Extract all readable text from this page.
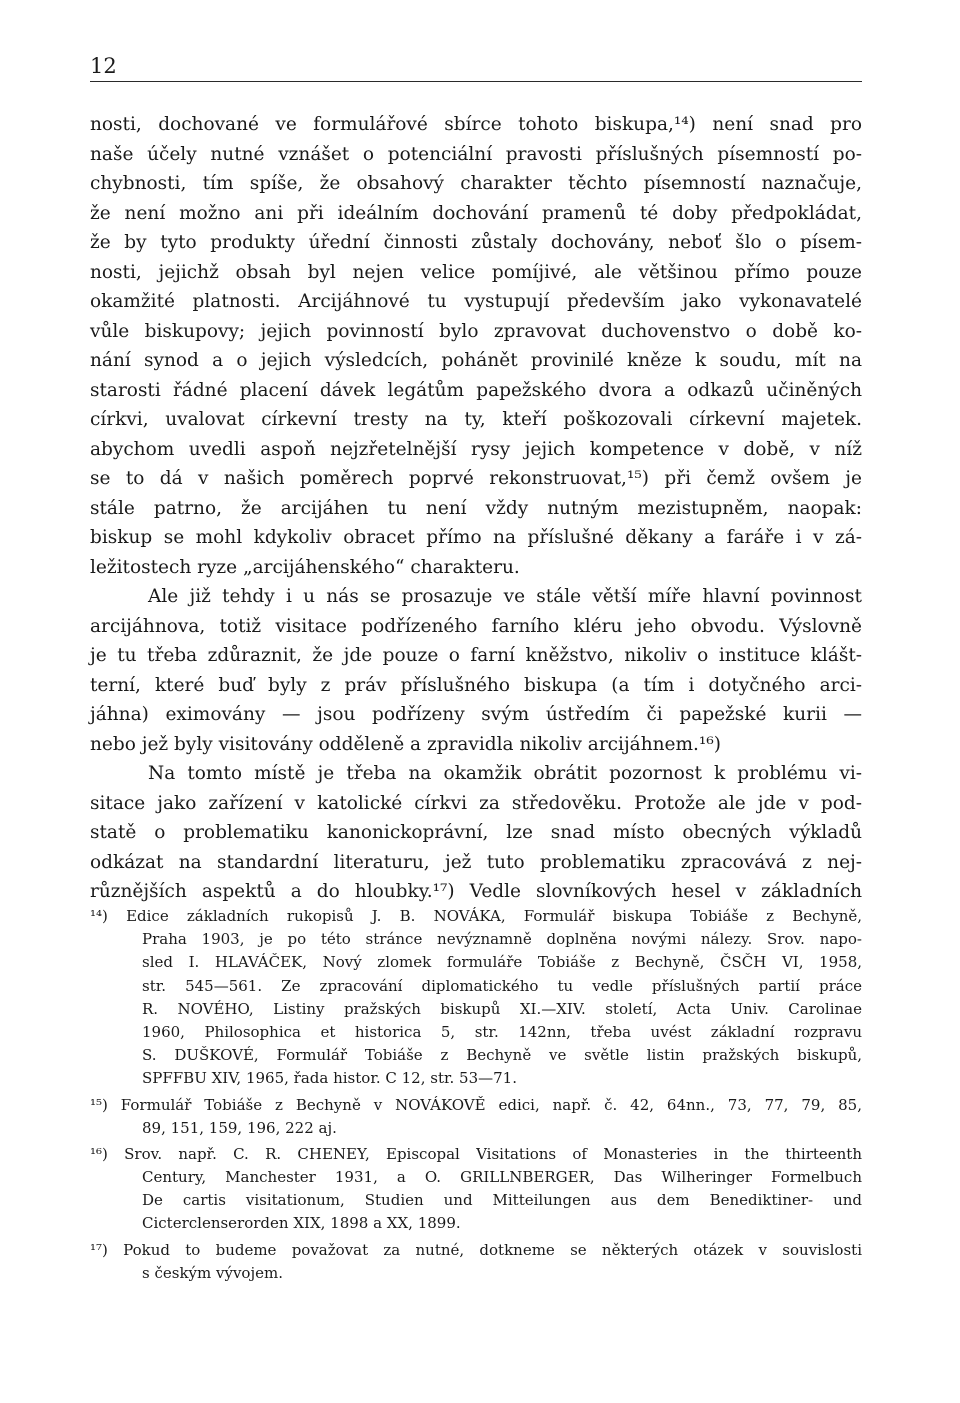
12
nosti, dochované ve formulářové sbírce tohoto biskupa,¹⁴) není snad pro
naše účely nutné vznášet o potenciální pravosti příslušných písemností po-
chybnosti, tím spíše, že obsahový charakter těchto písemností naznačuje,
že není možno ani při ideálním dochování pramenů té doby předpokládat,
že by tyto produkty úřední činnosti zůstaly dochovány, neboť šlo o písem-
nosti, jejichž obsah byl nejen velice pomíjivé, ale většinou přímo pouze
okamžité platnosti. Arcijáhnové tu vystupují především jako vykonavatelé
vůle biskupovy; jejich povinností bylo zpravovat duchovenstvo o době ko-
nání synod a o jejich výsledcích, pohánět provinilé kněze k soudu, mít na
starosti řádné placení dávek legátům papežského dvora a odkazů učiněných
církvi, uvalovat církevní tresty na ty, kteří poškozovali církevní majetek.
abychom uvedli aspoň nejzřetelnější rysy jejich kompetence v době, v níž
se to dá v našich poměrech poprvé rekonstruovat,¹⁵) při čemž ovšem je
stále patrno, že arcijáhen tu není vždy nutným mezistupněm, naopak:
biskup se mohl kdykoliv obracet přímo na příslušné děkany a faráře i v zá-
ležitostech ryze „arcijáhenského“ charakteru.
Ale již tehdy i u nás se prosazuje ve stále větší míře hlavní povinnost
arcijáhnova, totiž visitace podřízeného farního kléru jeho obvodu. Výslovně
je tu třeba zdůraznit, že jde pouze o farní kněžstvo, nikoliv o instituce klášt-
terní, které buď byly z práv příslušného biskupa (a tím i dotyčného arci-
jáhna) eximovány — jsou podřízeny svým ústředím či papežské kurii —
nebo jež byly visitovány odděleně a zpravidla nikoliv arcijáhnem.¹⁶)
Na tomto místě je třeba na okamžik obrátit pozornost k problému vi-
sitace jako zařízení v katolické církvi za středověku. Protože ale jde v pod-
statě o problematiku kanonickoprávní, lze snad místo obecných výkladů
odkázat na standardní literaturu, jež tuto problematiku zpracovává z nej-
různějších aspektů a do hloubky.¹⁷) Vedle slovníkových hesel v základních
¹⁴) Edice základních rukopisů J. B. NOVÁKA, Formulář biskupa Tobiáše z Bechyně,
Praha 1903, je po této stránce nevýznamně doplněna novými nálezy. Srov. napo-
sled I. HLAVÁČEK, Nový zlomek formuláře Tobiáše z Bechyně, ČSČH VI, 1958,
str. 545—561. Ze zpracování diplomatického tu vedle příslušných partií práce
R. NOVÉHO, Listiny pražských biskupů XI.—XIV. století, Acta Univ. Carolinae
1960, Philosophica et historica 5, str. 142nn, třeba uvést základní rozpravu
S. DUŠKOVÉ, Formulář Tobiáše z Bechyně ve světle listin pražských biskupů,
SPFFBU XIV, 1965, řada histor. C 12, str. 53—71.
¹⁵) Formulář Tobiáše z Bechyně v NOVÁKOVĚ edici, např. č. 42, 64nn., 73, 77, 79, 85,
89, 151, 159, 196, 222 aj.
¹⁶) Srov. např. C. R. CHENEY, Episcopal Visitations of Monasteries in the thirteenth
Century, Manchester 1931, a O. GRILLNBERGER, Das Wilheringer Formelbuch
De cartis visitationum, Studien und Mitteilungen aus dem Benediktiner- und
Cicterclenserorden XIX, 1898 a XX, 1899.
¹⁷) Pokud to budeme považovat za nutné, dotkneme se některých otázek v souvislosti
s českým vývojem.
